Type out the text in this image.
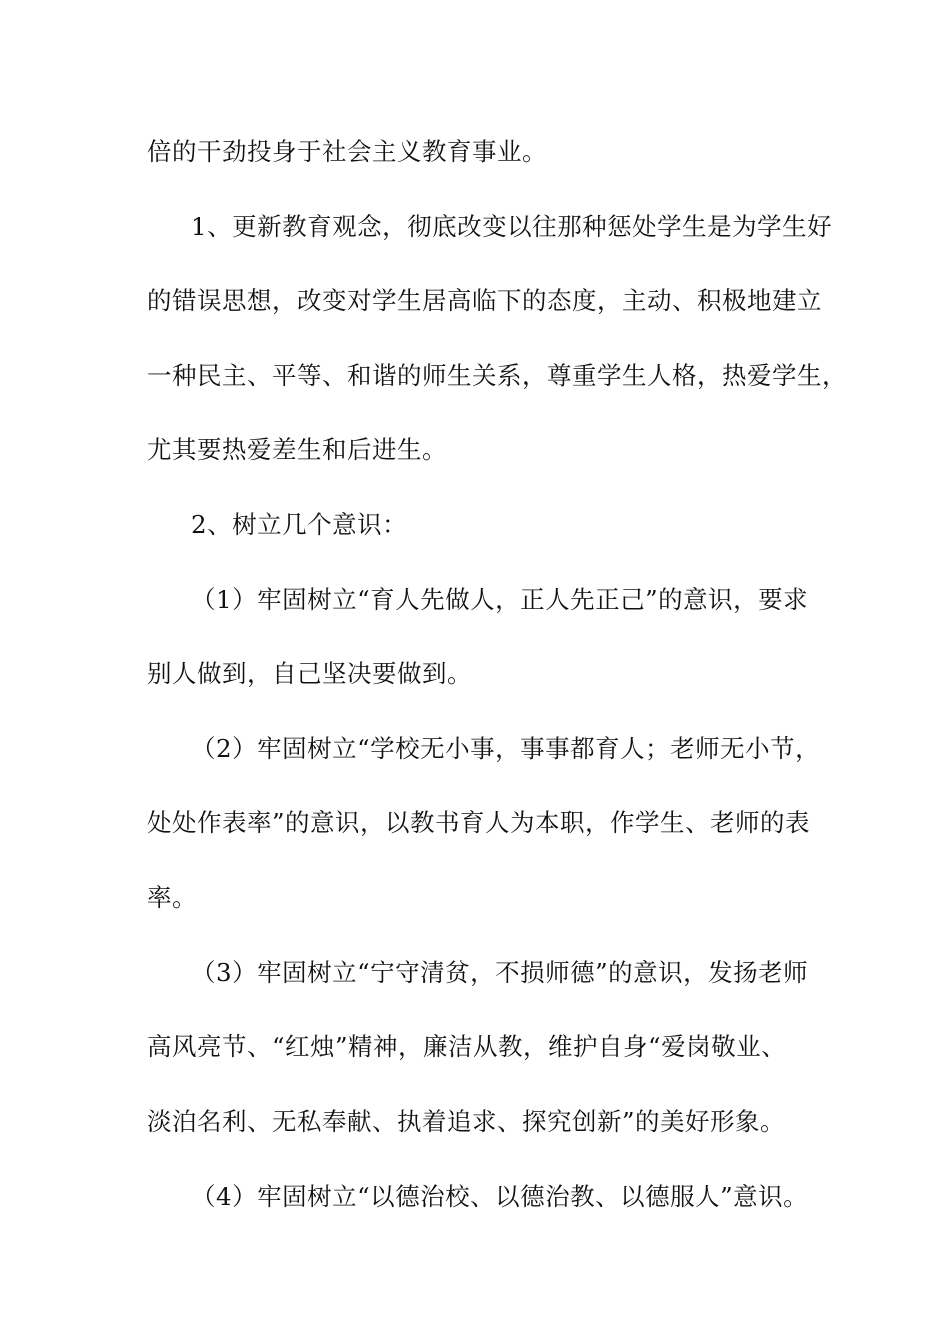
倍的干劲投身于社会主义教育事业。
1、更新教育观念，彻底改变以往那种惩处学生是为学生好
的错误思想，改变对学生居高临下的态度，主动、积极地建立
一种民主、平等、和谐的师生关系，尊重学生人格，热爱学生，
尤其要热爱差生和后进生。
2、树立几个意识：
（1）牢固树立“育人先做人，正人先正己”的意识，要求
别人做到，自己坚决要做到。
（2）牢固树立“学校无小事，事事都育人；老师无小节，
处处作表率”的意识，以教书育人为本职，作学生、老师的表
率。
（3）牢固树立“宁守清贫，不损师德”的意识，发扬老师
高风亮节、“红烛”精神，廉洁从教，维护自身“爱岗敬业、
淡泊名利、无私奉献、执着追求、探究创新”的美好形象。
（4）牢固树立“以德治校、以德治教、以德服人”意识。
